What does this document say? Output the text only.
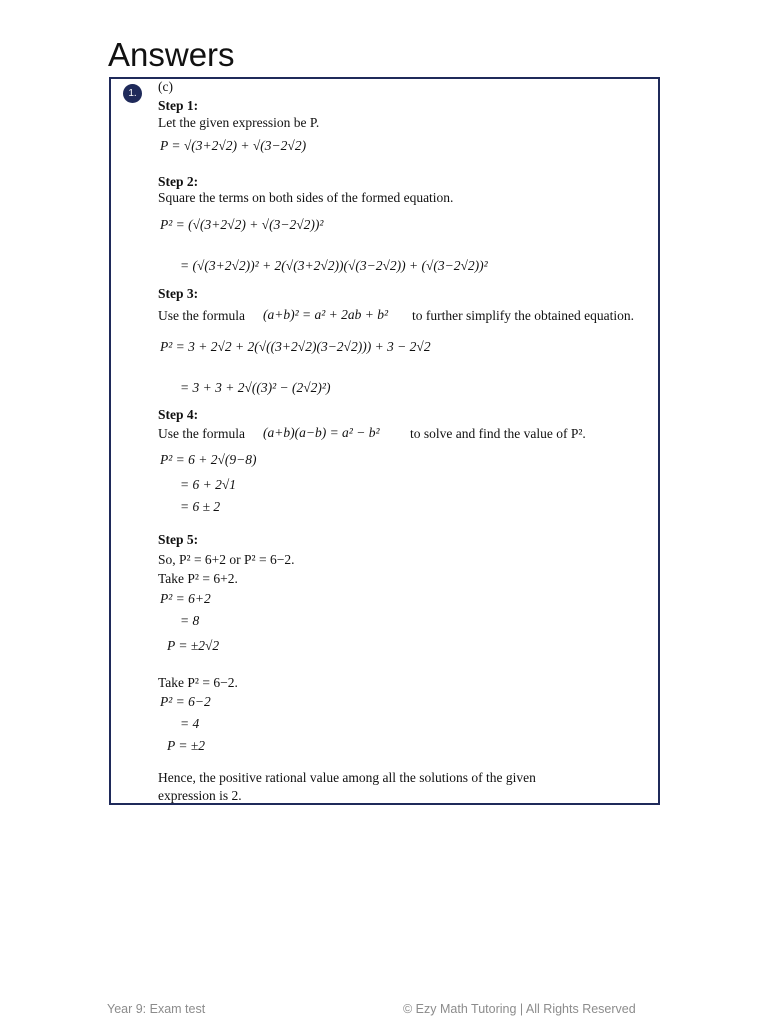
Answers
1.	(c)
Step 1:
Let the given expression be P.
P = √(3+2√2) + √(3−2√2)
Step 2:
Square the terms on both sides of the formed equation.
P² = (√(3+2√2) + √(3−2√2))²
= (√(3+2√2))² + 2(√(3+2√2))(√(3−2√2)) + (√(3−2√2))²
Step 3:
Use the formula (a+b)² = a² + 2ab + b² to further simplify the obtained equation.
P² = 3 + 2√2 + 2(√((3+2√2)(3−2√2))) + 3 − 2√2
= 3 + 3 + 2√((3)² − (2√2)²)
Step 4:
Use the formula (a+b)(a−b) = a² − b² to solve and find the value of P².
P² = 6 + 2√(9−8)
= 6 + 2√1
= 6 ± 2
Step 5:
So, P² = 6+2 or P² = 6−2.
Take P² = 6+2.
P² = 6+2
= 8
P = ±2√2
Take P² = 6−2.
P² = 6−2
= 4
P = ±2
Hence, the positive rational value among all the solutions of the given
expression is 2.
Year 9: Exam test	© Ezy Math Tutoring | All Rights Reserved
